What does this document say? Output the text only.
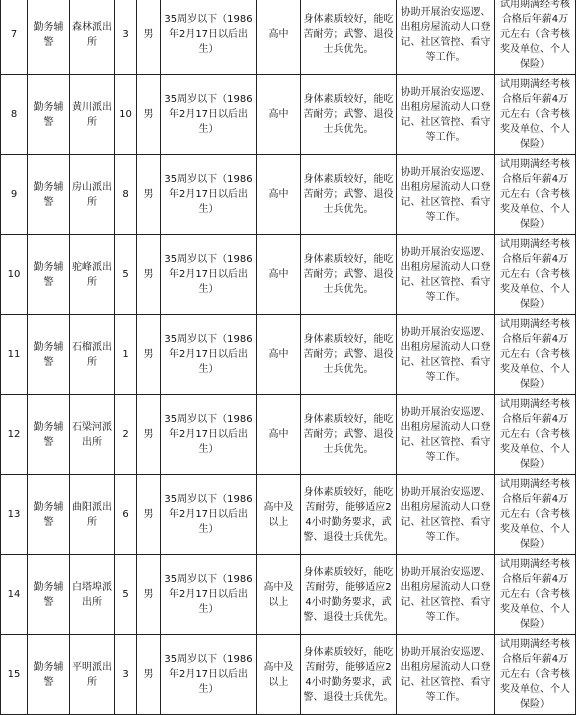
7	勤务辅警	森林派出所	3	男	35周岁以下（1986年2月17日以后出生）	高中	身体素质较好，能吃苦耐劳；武警、退役士兵优先。	协助开展治安巡逻、出租房屋流动人口登记、社区管控、看守等工作。	试用期满经考核合格后年薪4万元左右（含考核奖及单位、个人保险）
8	勤务辅警	黄川派出所	10	男	35周岁以下（1986年2月17日以后出生）	高中	身体素质较好，能吃苦耐劳；武警、退役士兵优先。	协助开展治安巡逻、出租房屋流动人口登记、社区管控、看守等工作。	试用期满经考核合格后年薪4万元左右（含考核奖及单位、个人保险）
9	勤务辅警	房山派出所	8	男	35周岁以下（1986年2月17日以后出生）	高中	身体素质较好，能吃苦耐劳；武警、退役士兵优先。	协助开展治安巡逻、出租房屋流动人口登记、社区管控、看守等工作。	试用期满经考核合格后年薪4万元左右（含考核奖及单位、个人保险）
10	勤务辅警	驼峰派出所	5	男	35周岁以下（1986年2月17日以后出生）	高中	身体素质较好，能吃苦耐劳；武警、退役士兵优先。	协助开展治安巡逻、出租房屋流动人口登记、社区管控、看守等工作。	试用期满经考核合格后年薪4万元左右（含考核奖及单位、个人保险）
11	勤务辅警	石榴派出所	1	男	35周岁以下（1986年2月17日以后出生）	高中	身体素质较好，能吃苦耐劳；武警、退役士兵优先。	协助开展治安巡逻、出租房屋流动人口登记、社区管控、看守等工作。	试用期满经考核合格后年薪4万元左右（含考核奖及单位、个人保险）
12	勤务辅警	石梁河派出所	2	男	35周岁以下（1986年2月17日以后出生）	高中	身体素质较好，能吃苦耐劳；武警、退役士兵优先。	协助开展治安巡逻、出租房屋流动人口登记、社区管控、看守等工作。	试用期满经考核合格后年薪4万元左右（含考核奖及单位、个人保险）
13	勤务辅警	曲阳派出所	6	男	35周岁以下（1986年2月17日以后出生）	高中及以上	身体素质较好，能吃苦耐劳，能够适应24小时勤务要求，武警、退役士兵优先。	协助开展治安巡逻、出租房屋流动人口登记、社区管控、看守等工作。	试用期满经考核合格后年薪4万元左右（含考核奖及单位、个人保险）
14	勤务辅警	白塔埠派出所	5	男	35周岁以下（1986年2月17日以后出生）	高中及以上	身体素质较好，能吃苦耐劳，能够适应24小时勤务要求，武警、退役士兵优先。	协助开展治安巡逻、出租房屋流动人口登记、社区管控、看守等工作。	试用期满经考核合格后年薪4万元左右（含考核奖及单位、个人保险）
15	勤务辅警	平明派出所	3	男	35周岁以下（1986年2月17日以后出生）	高中及以上	身体素质较好，能吃苦耐劳，能够适应24小时勤务要求，武警、退役士兵优先。	协助开展治安巡逻、出租房屋流动人口登记、社区管控、看守等工作。	试用期满经考核合格后年薪4万元左右（含考核奖及单位、个人保险）
